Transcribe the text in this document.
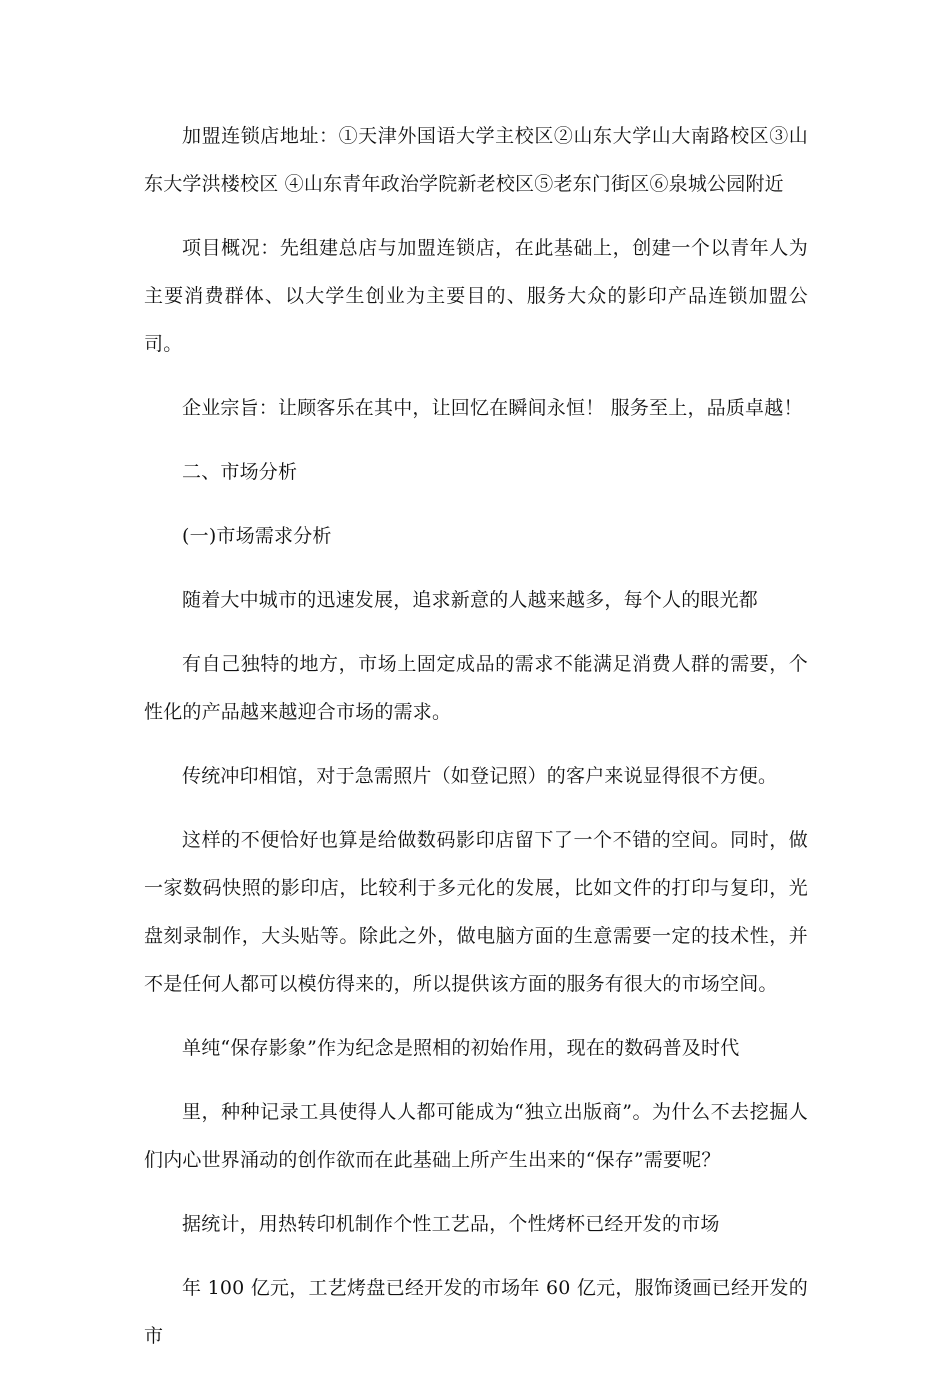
加盟连锁店地址：①天津外国语大学主校区②山东大学山大南路校区③山东大学洪楼校区 ④山东青年政治学院新老校区⑤老东门街区⑥泉城公园附近

项目概况：先组建总店与加盟连锁店，在此基础上，创建一个以青年人为主要消费群体、以大学生创业为主要目的、服务大众的影印产品连锁加盟公司。

企业宗旨：让顾客乐在其中，让回忆在瞬间永恒！ 服务至上，品质卓越！

二、市场分析

(一)市场需求分析

随着大中城市的迅速发展，追求新意的人越来越多，每个人的眼光都

有自己独特的地方，市场上固定成品的需求不能满足消费人群的需要，个性化的产品越来越迎合市场的需求。

传统冲印相馆，对于急需照片（如登记照）的客户来说显得很不方便。

这样的不便恰好也算是给做数码影印店留下了一个不错的空间。同时，做一家数码快照的影印店，比较利于多元化的发展，比如文件的打印与复印，光盘刻录制作，大头贴等。除此之外，做电脑方面的生意需要一定的技术性，并不是任何人都可以模仿得来的，所以提供该方面的服务有很大的市场空间。

单纯“保存影象”作为纪念是照相的初始作用，现在的数码普及时代

里，种种记录工具使得人人都可能成为“独立出版商”。为什么不去挖掘人们内心世界涌动的创作欲而在此基础上所产生出来的“保存”需要呢？

据统计，用热转印机制作个性工艺品，个性烤杯已经开发的市场

年 100 亿元，工艺烤盘已经开发的市场年 60 亿元，服饰烫画已经开发的市
